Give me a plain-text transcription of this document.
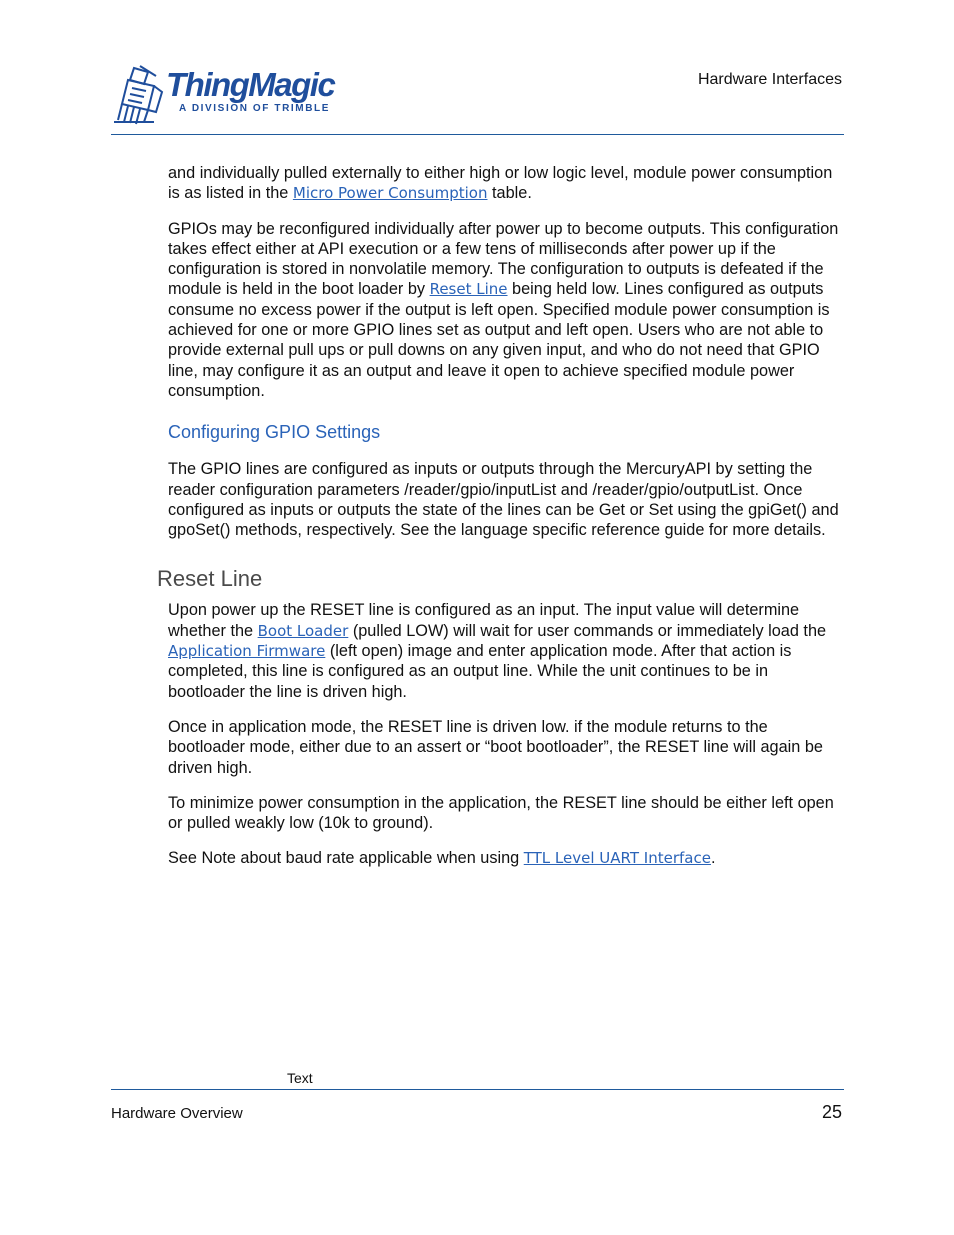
ThingMagic
A DIVISION OF TRIMBLE
Hardware Interfaces

and individually pulled externally to either high or low logic level, module power consumption is as listed in the Micro Power Consumption table.

GPIOs may be reconfigured individually after power up to become outputs. This configuration takes effect either at API execution or a few tens of milliseconds after power up if the configuration is stored in nonvolatile memory. The configuration to outputs is defeated if the module is held in the boot loader by Reset Line being held low. Lines configured as outputs consume no excess power if the output is left open. Specified module power consumption is achieved for one or more GPIO lines set as output and left open. Users who are not able to provide external pull ups or pull downs on any given input, and who do not need that GPIO line, may configure it as an output and leave it open to achieve specified module power consumption.

Configuring GPIO Settings

The GPIO lines are configured as inputs or outputs through the MercuryAPI by setting the reader configuration parameters /reader/gpio/inputList and /reader/gpio/outputList. Once configured as inputs or outputs the state of the lines can be Get or Set using the gpiGet() and gpoSet() methods, respectively. See the language specific reference guide for more details.

Reset Line

Upon power up the RESET line is configured as an input. The input value will determine whether the Boot Loader (pulled LOW) will wait for user commands or immediately load the Application Firmware (left open) image and enter application mode. After that action is completed, this line is configured as an output line. While the unit continues to be in bootloader the line is driven high.

Once in application mode, the RESET line is driven low. if the module returns to the bootloader mode, either due to an assert or “boot bootloader”, the RESET line will again be driven high.

To minimize power consumption in the application, the RESET line should be either left open or pulled weakly low (10k to ground).

See Note about baud rate applicable when using TTL Level UART Interface.

Text
Hardware Overview	25
